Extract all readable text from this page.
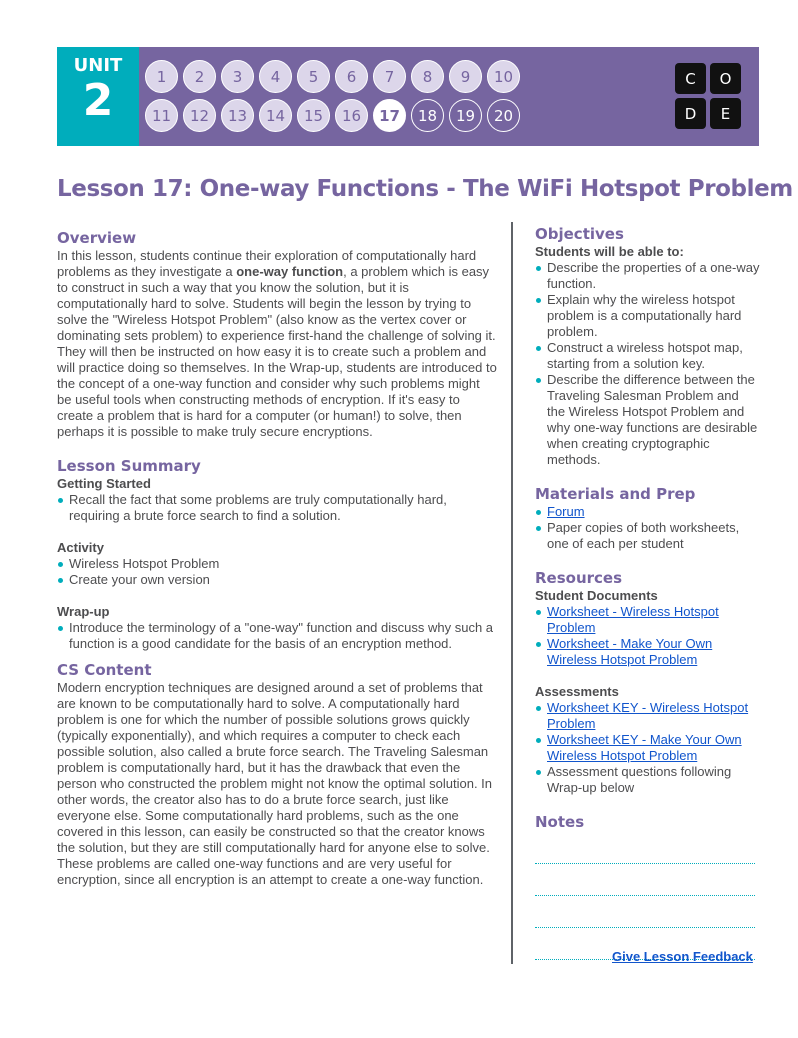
UNIT
2	1	2	3	4	5	6	7	8	9	10
11	12	13	14	15	16	17	18	19	20
C	O
D	E
Lesson 17: One-way Functions - The WiFi Hotspot Problem
Overview

In this lesson, students continue their exploration of computationally hard problems as they investigate a one-way function, a problem which is easy to construct in such a way that you know the solution, but it is computationally hard to solve. Students will begin the lesson by trying to solve the "Wireless Hotspot Problem" (also know as the vertex cover or dominating sets problem) to experience first-hand the challenge of solving it. They will then be instructed on how easy it is to create such a problem and will practice doing so themselves. In the Wrap-up, students are introduced to the concept of a one-way function and consider why such problems might be useful tools when constructing methods of encryption. If it's easy to create a problem that is hard for a computer (or human!) to solve, then perhaps it is possible to make truly secure encryptions.

Lesson Summary
Getting Started
Recall the fact that some problems are truly computationally hard, requiring a brute force search to find a solution.
Activity
Wireless Hotspot Problem
Create your own version
Wrap-up
Introduce the terminology of a "one-way" function and discuss why such a function is a good candidate for the basis of an encryption method.
CS Content

Modern encryption techniques are designed around a set of problems that are known to be computationally hard to solve. A computationally hard problem is one for which the number of possible solutions grows quickly (typically exponentially), and which requires a computer to check each possible solution, also called a brute force search. The Traveling Salesman problem is computationally hard, but it has the drawback that even the person who constructed the problem might not know the optimal solution. In other words, the creator also has to do a brute force search, just like everyone else. Some computationally hard problems, such as the one covered in this lesson, can easily be constructed so that the creator knows the solution, but they are still computationally hard for anyone else to solve. These problems are called one-way functions and are very useful for encryption, since all encryption is an attempt to create a one-way function.

Objectives
Students will be able to:
Describe the properties of a one-way function.
Explain why the wireless hotspot problem is a computationally hard problem.
Construct a wireless hotspot map, starting from a solution key.
Describe the difference between the Traveling Salesman Problem and the Wireless Hotspot Problem and why one-way functions are desirable when creating cryptographic methods.
Materials and Prep
Forum
Paper copies of both worksheets, one of each per student
Resources
Student Documents
Worksheet - Wireless Hotspot Problem
Worksheet - Make Your Own Wireless Hotspot Problem
Assessments
Worksheet KEY - Wireless Hotspot Problem
Worksheet KEY - Make Your Own Wireless Hotspot Problem
Assessment questions following Wrap-up below
Notes
Give Lesson Feedback
